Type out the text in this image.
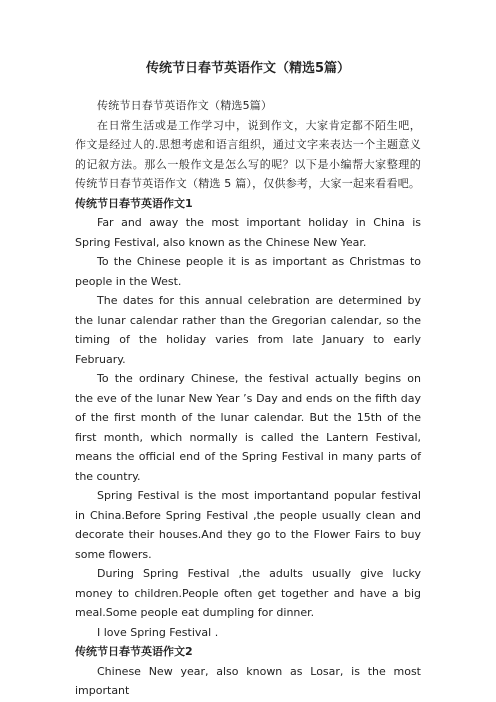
传统节日春节英语作文（精选5篇）

传统节日春节英语作文（精选5篇）

在日常生活或是工作学习中，说到作文，大家肯定都不陌生吧，作文是经过人的.思想考虑和语言组织，通过文字来表达一个主题意义的记叙方法。那么一般作文是怎么写的呢？以下是小编帮大家整理的传统节日春节英语作文（精选 5 篇），仅供参考，大家一起来看看吧。

传统节日春节英语作文1

Far and away the most important holiday in China is Spring Festival, also known as the Chinese New Year.

To the Chinese people it is as important as Christmas to people in the West.

The dates for this annual celebration are determined by the lunar calendar rather than the Gregorian calendar, so the timing of the holiday varies from late January to early February.

To the ordinary Chinese, the festival actually begins on the eve of the lunar New Year ’s Day and ends on the fifth day of the first month of the lunar calendar. But the 15th of the first month, which normally is called the Lantern Festival, means the official end of the Spring Festival in many parts of the country.

Spring Festival is the most importantand popular festival in China.Before Spring Festival ,the people usually clean and decorate their houses.And they go to the Flower Fairs to buy some flowers.

During Spring Festival ,the adults usually give lucky money to children.People often get together and have a big meal.Some people eat dumpling for dinner.

I love Spring Festival .

传统节日春节英语作文2

Chinese New year, also known as Losar, is the most important
